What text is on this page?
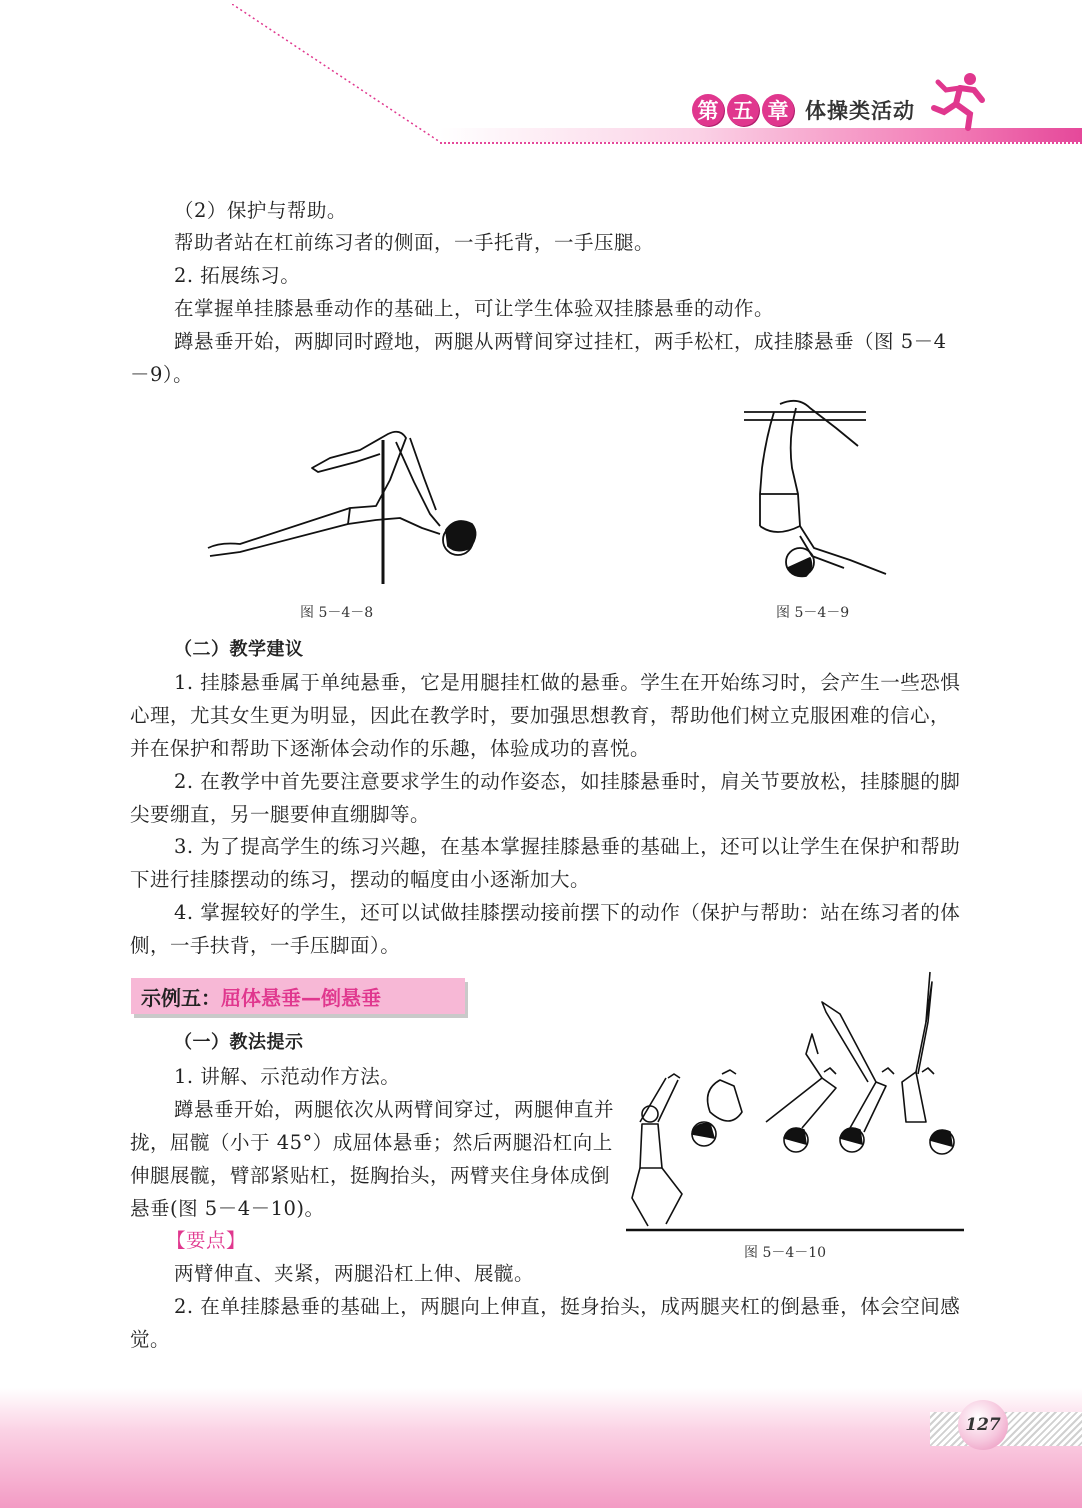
第 五 章 体操类活动

（2）保护与帮助。

帮助者站在杠前练习者的侧面，一手托背，一手压腿。

2. 拓展练习。

在掌握单挂膝悬垂动作的基础上，可让学生体验双挂膝悬垂的动作。

蹲悬垂开始，两脚同时蹬地，两腿从两臂间穿过挂杠，两手松杠，成挂膝悬垂（图 5－4－9）。

图 5－4－8	图 5－4－9

（二）教学建议

1. 挂膝悬垂属于单纯悬垂，它是用腿挂杠做的悬垂。学生在开始练习时，会产生一些恐惧心理，尤其女生更为明显，因此在教学时，要加强思想教育，帮助他们树立克服困难的信心，并在保护和帮助下逐渐体会动作的乐趣，体验成功的喜悦。

2. 在教学中首先要注意要求学生的动作姿态，如挂膝悬垂时，肩关节要放松，挂膝腿的脚尖要绷直，另一腿要伸直绷脚等。

3. 为了提高学生的练习兴趣，在基本掌握挂膝悬垂的基础上，还可以让学生在保护和帮助下进行挂膝摆动的练习，摆动的幅度由小逐渐加大。

4. 掌握较好的学生，还可以试做挂膝摆动接前摆下的动作（保护与帮助：站在练习者的体侧，一手扶背，一手压脚面）。

示例五： 屈体悬垂—倒悬垂
图 5－4－10

（一）教法提示

1. 讲解、示范动作方法。

蹲悬垂开始，两腿依次从两臂间穿过，两腿伸直并拢，屈髋（小于 45°）成屈体悬垂；然后两腿沿杠向上伸腿展髋，臂部紧贴杠，挺胸抬头，两臂夹住身体成倒悬垂(图 5－4－10)。

【要点】

两臂伸直、夹紧，两腿沿杠上伸、展髋。

2. 在单挂膝悬垂的基础上，两腿向上伸直，挺身抬头，成两腿夹杠的倒悬垂，体会空间感觉。

127
